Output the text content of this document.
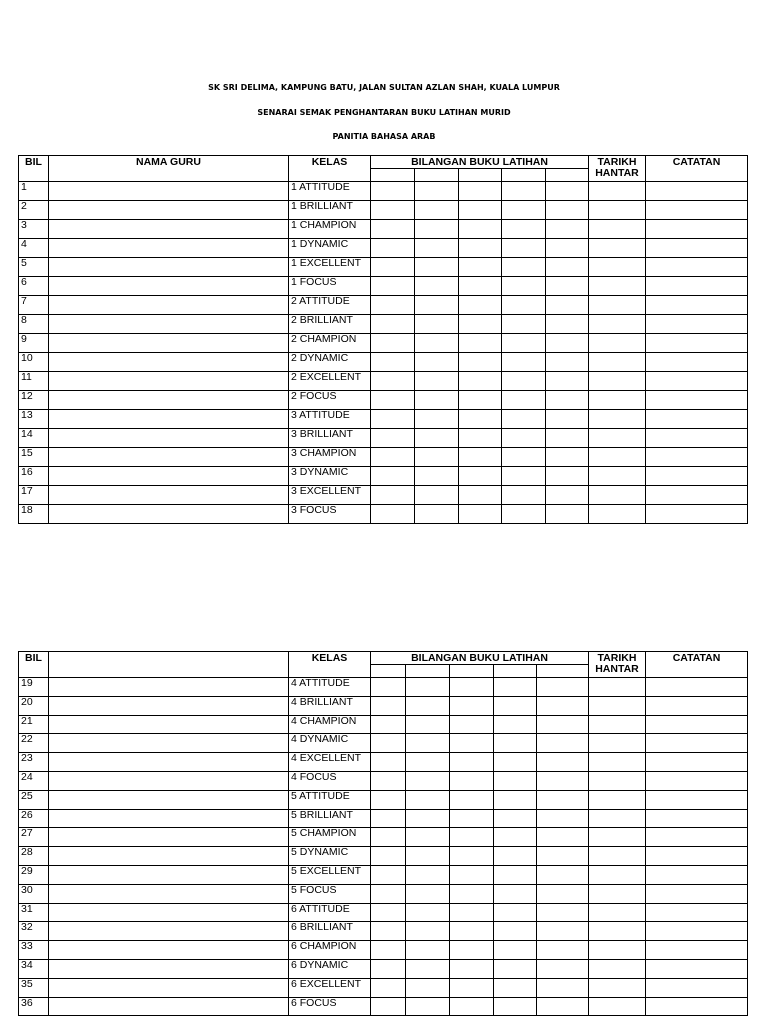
SK SRI DELIMA, KAMPUNG BATU, JALAN SULTAN AZLAN SHAH, KUALA LUMPUR
SENARAI SEMAK PENGHANTARAN BUKU LATIHAN MURID
PANITIA BAHASA ARAB
BIL	NAMA GURU	KELAS	BILANGAN BUKU LATIHAN					TARIKH HANTAR	CATATAN

1		1 ATTITUDE							
2		1 BRILLIANT							
3		1 CHAMPION							
4		1 DYNAMIC							
5		1 EXCELLENT							
6		1 FOCUS							
7		2 ATTITUDE							
8		2 BRILLIANT							
9		2 CHAMPION							
10		2 DYNAMIC							
11		2 EXCELLENT							
12		2 FOCUS							
13		3 ATTITUDE							
14		3 BRILLIANT							
15		3 CHAMPION							
16		3 DYNAMIC							
17		3 EXCELLENT							
18		3 FOCUS							
BIL		KELAS	BILANGAN BUKU LATIHAN					TARIKH HANTAR	CATATAN

19		4 ATTITUDE							
20		4 BRILLIANT							
21		4 CHAMPION							
22		4 DYNAMIC							
23		4 EXCELLENT							
24		4 FOCUS							
25		5 ATTITUDE							
26		5 BRILLIANT							
27		5 CHAMPION							
28		5 DYNAMIC							
29		5 EXCELLENT							
30		5 FOCUS							
31		6 ATTITUDE							
32		6 BRILLIANT							
33		6 CHAMPION							
34		6 DYNAMIC							
35		6 EXCELLENT							
36		6 FOCUS							
